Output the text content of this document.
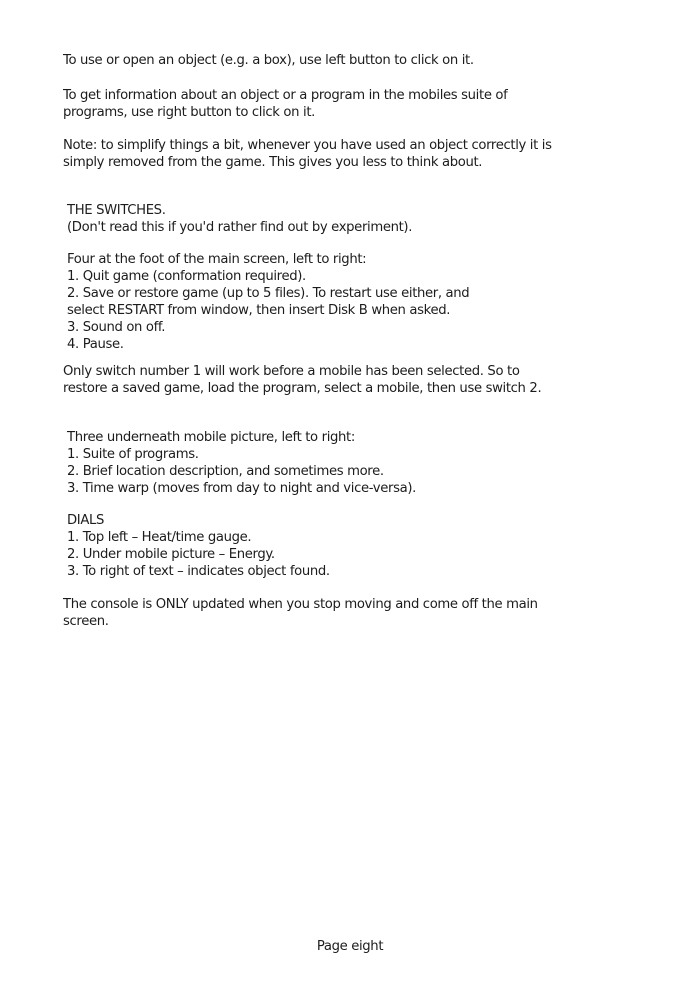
To use or open an object (e.g. a box), use left button to click on it.
To get information about an object or a program in the mobiles suite of
programs, use right button to click on it.
Note: to simplify things a bit, whenever you have used an object correctly it is
simply removed from the game. This gives you less to think about.
THE SWITCHES.
(Don't read this if you'd rather find out by experiment).
Four at the foot of the main screen, left to right:
1. Quit game (conformation required).
2. Save or restore game (up to 5 files). To restart use either, and
select RESTART from window, then insert Disk B when asked.
3. Sound on off.
4. Pause.
Only switch number 1 will work before a mobile has been selected. So to
restore a saved game, load the program, select a mobile, then use switch 2.
Three underneath mobile picture, left to right:
1. Suite of programs.
2. Brief location description, and sometimes more.
3. Time warp (moves from day to night and vice-versa).
DIALS
1. Top left – Heat/time gauge.
2. Under mobile picture – Energy.
3. To right of text – indicates object found.
The console is ONLY updated when you stop moving and come off the main
screen.
Page eight
